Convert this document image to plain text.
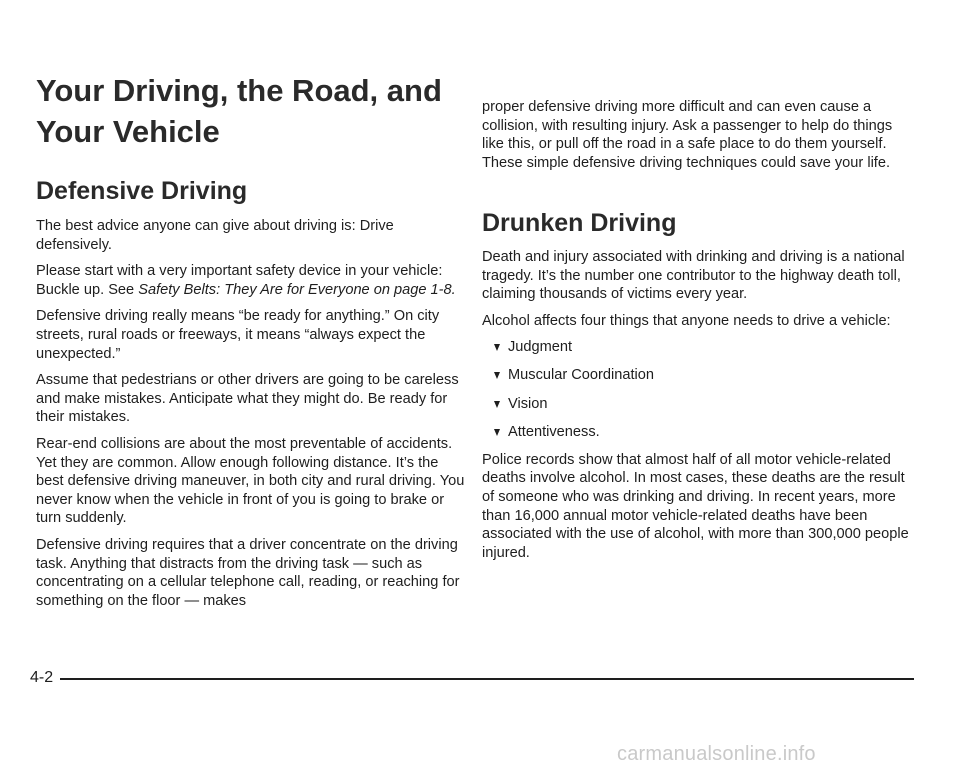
Your Driving, the Road, and Your Vehicle
Defensive Driving

The best advice anyone can give about driving is: Drive defensively.

Please start with a very important safety device in your vehicle: Buckle up. See Safety Belts: They Are for Everyone on page 1-8.

Defensive driving really means “be ready for anything.” On city streets, rural roads or freeways, it means “always expect the unexpected.”

Assume that pedestrians or other drivers are going to be careless and make mistakes. Anticipate what they might do. Be ready for their mistakes.

Rear-end collisions are about the most preventable of accidents. Yet they are common. Allow enough following distance. It’s the best defensive driving maneuver, in both city and rural driving. You never know when the vehicle in front of you is going to brake or turn suddenly.

Defensive driving requires that a driver concentrate on the driving task. Anything that distracts from the driving task — such as concentrating on a cellular telephone call, reading, or reaching for something on the floor — makes

proper defensive driving more difficult and can even cause a collision, with resulting injury. Ask a passenger to help do things like this, or pull off the road in a safe place to do them yourself. These simple defensive driving techniques could save your life.

Drunken Driving

Death and injury associated with drinking and driving is a national tragedy. It’s the number one contributor to the highway death toll, claiming thousands of victims every year.

Alcohol affects four things that anyone needs to drive a vehicle:

Judgment
Muscular Coordination
Vision
Attentiveness.

Police records show that almost half of all motor vehicle-related deaths involve alcohol. In most cases, these deaths are the result of someone who was drinking and driving. In recent years, more than 16,000 annual motor vehicle-related deaths have been associated with the use of alcohol, with more than 300,000 people injured.

4-2
carmanualsonline.info
